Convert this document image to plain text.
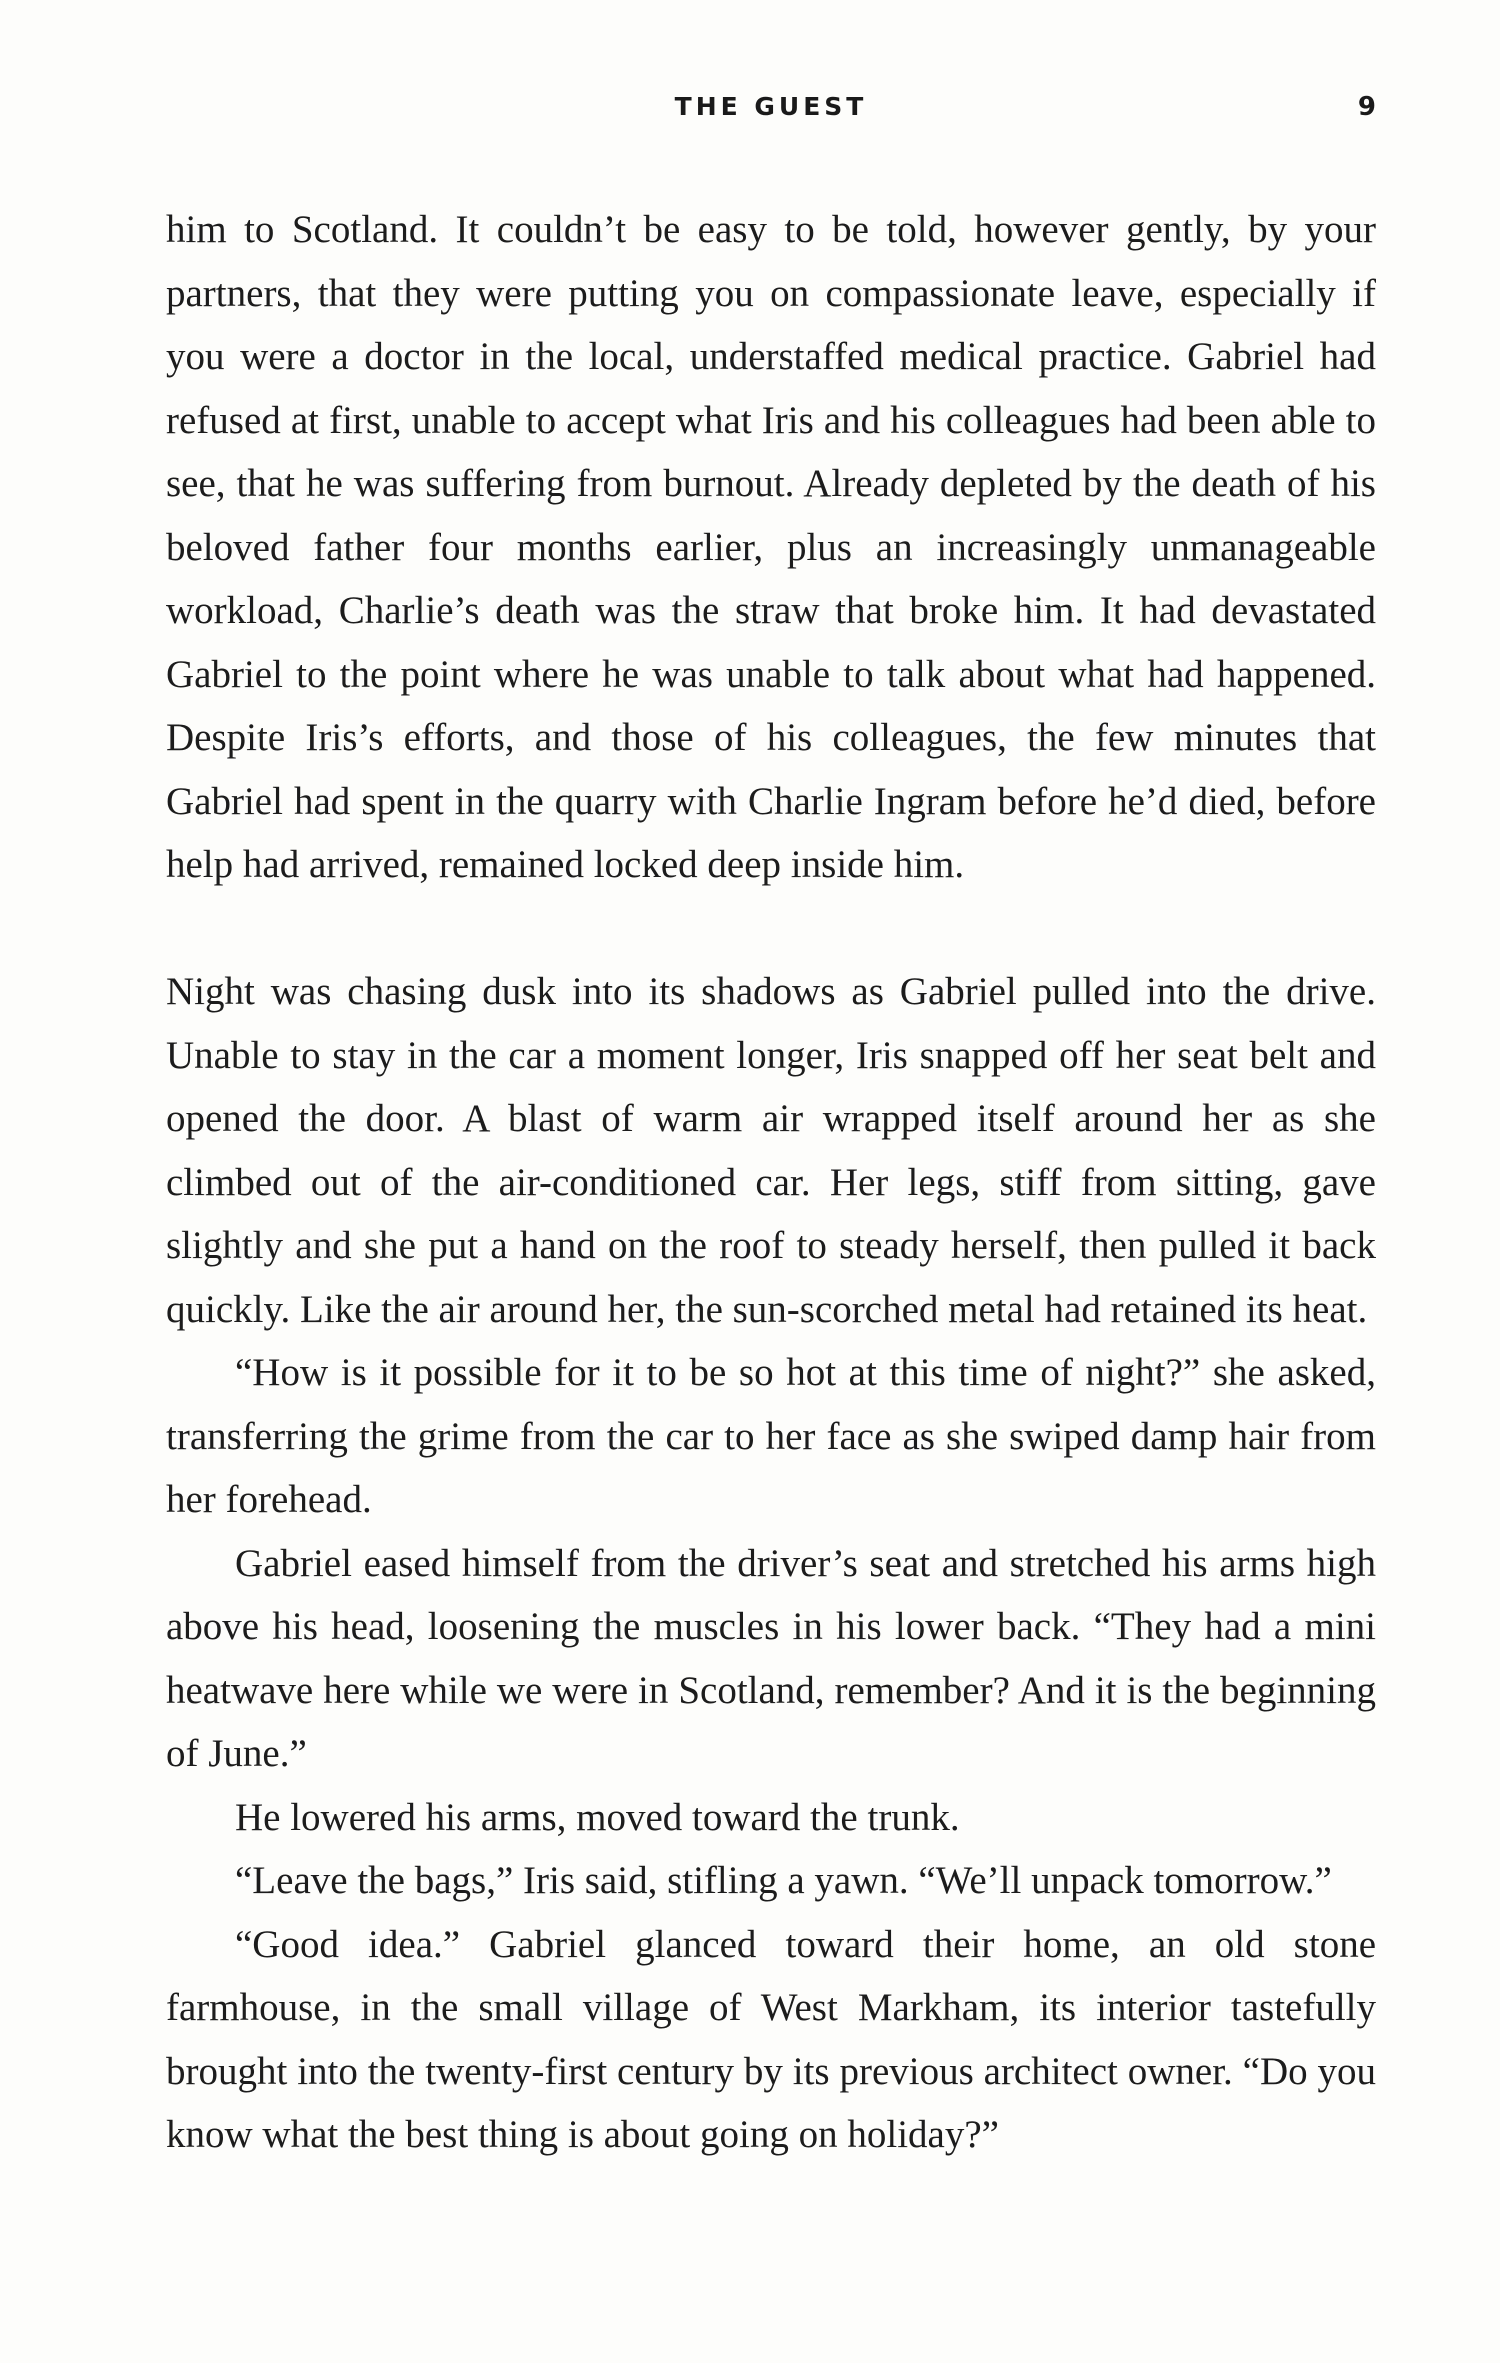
THE GUEST	9

him to Scotland. It couldn’t be easy to be told, however gently, by your partners, that they were putting you on compassionate leave, especially if you were a doctor in the local, understaffed medical practice. Gabriel had refused at first, unable to accept what Iris and his colleagues had been able to see, that he was suffering from burnout. Already depleted by the death of his beloved father four months earlier, plus an increasingly unmanageable workload, Charlie’s death was the straw that broke him. It had devastated Gabriel to the point where he was unable to talk about what had happened. Despite Iris’s efforts, and those of his colleagues, the few minutes that Gabriel had spent in the quarry with Charlie Ingram before he’d died, before help had arrived, remained locked deep inside him.

Night was chasing dusk into its shadows as Gabriel pulled into the drive. Unable to stay in the car a moment longer, Iris snapped off her seat belt and opened the door. A blast of warm air wrapped itself around her as she climbed out of the air-conditioned car. Her legs, stiff from sitting, gave slightly and she put a hand on the roof to steady herself, then pulled it back quickly. Like the air around her, the sun-scorched metal had retained its heat.

“How is it possible for it to be so hot at this time of night?” she asked, transferring the grime from the car to her face as she swiped damp hair from her forehead.

Gabriel eased himself from the driver’s seat and stretched his arms high above his head, loosening the muscles in his lower back. “They had a mini heatwave here while we were in Scotland, remember? And it is the beginning of June.”

He lowered his arms, moved toward the trunk.

“Leave the bags,” Iris said, stifling a yawn. “We’ll unpack tomorrow.”

“Good idea.” Gabriel glanced toward their home, an old stone farmhouse, in the small village of West Markham, its interior tastefully brought into the twenty-first century by its previous architect owner. “Do you know what the best thing is about going on holiday?”
